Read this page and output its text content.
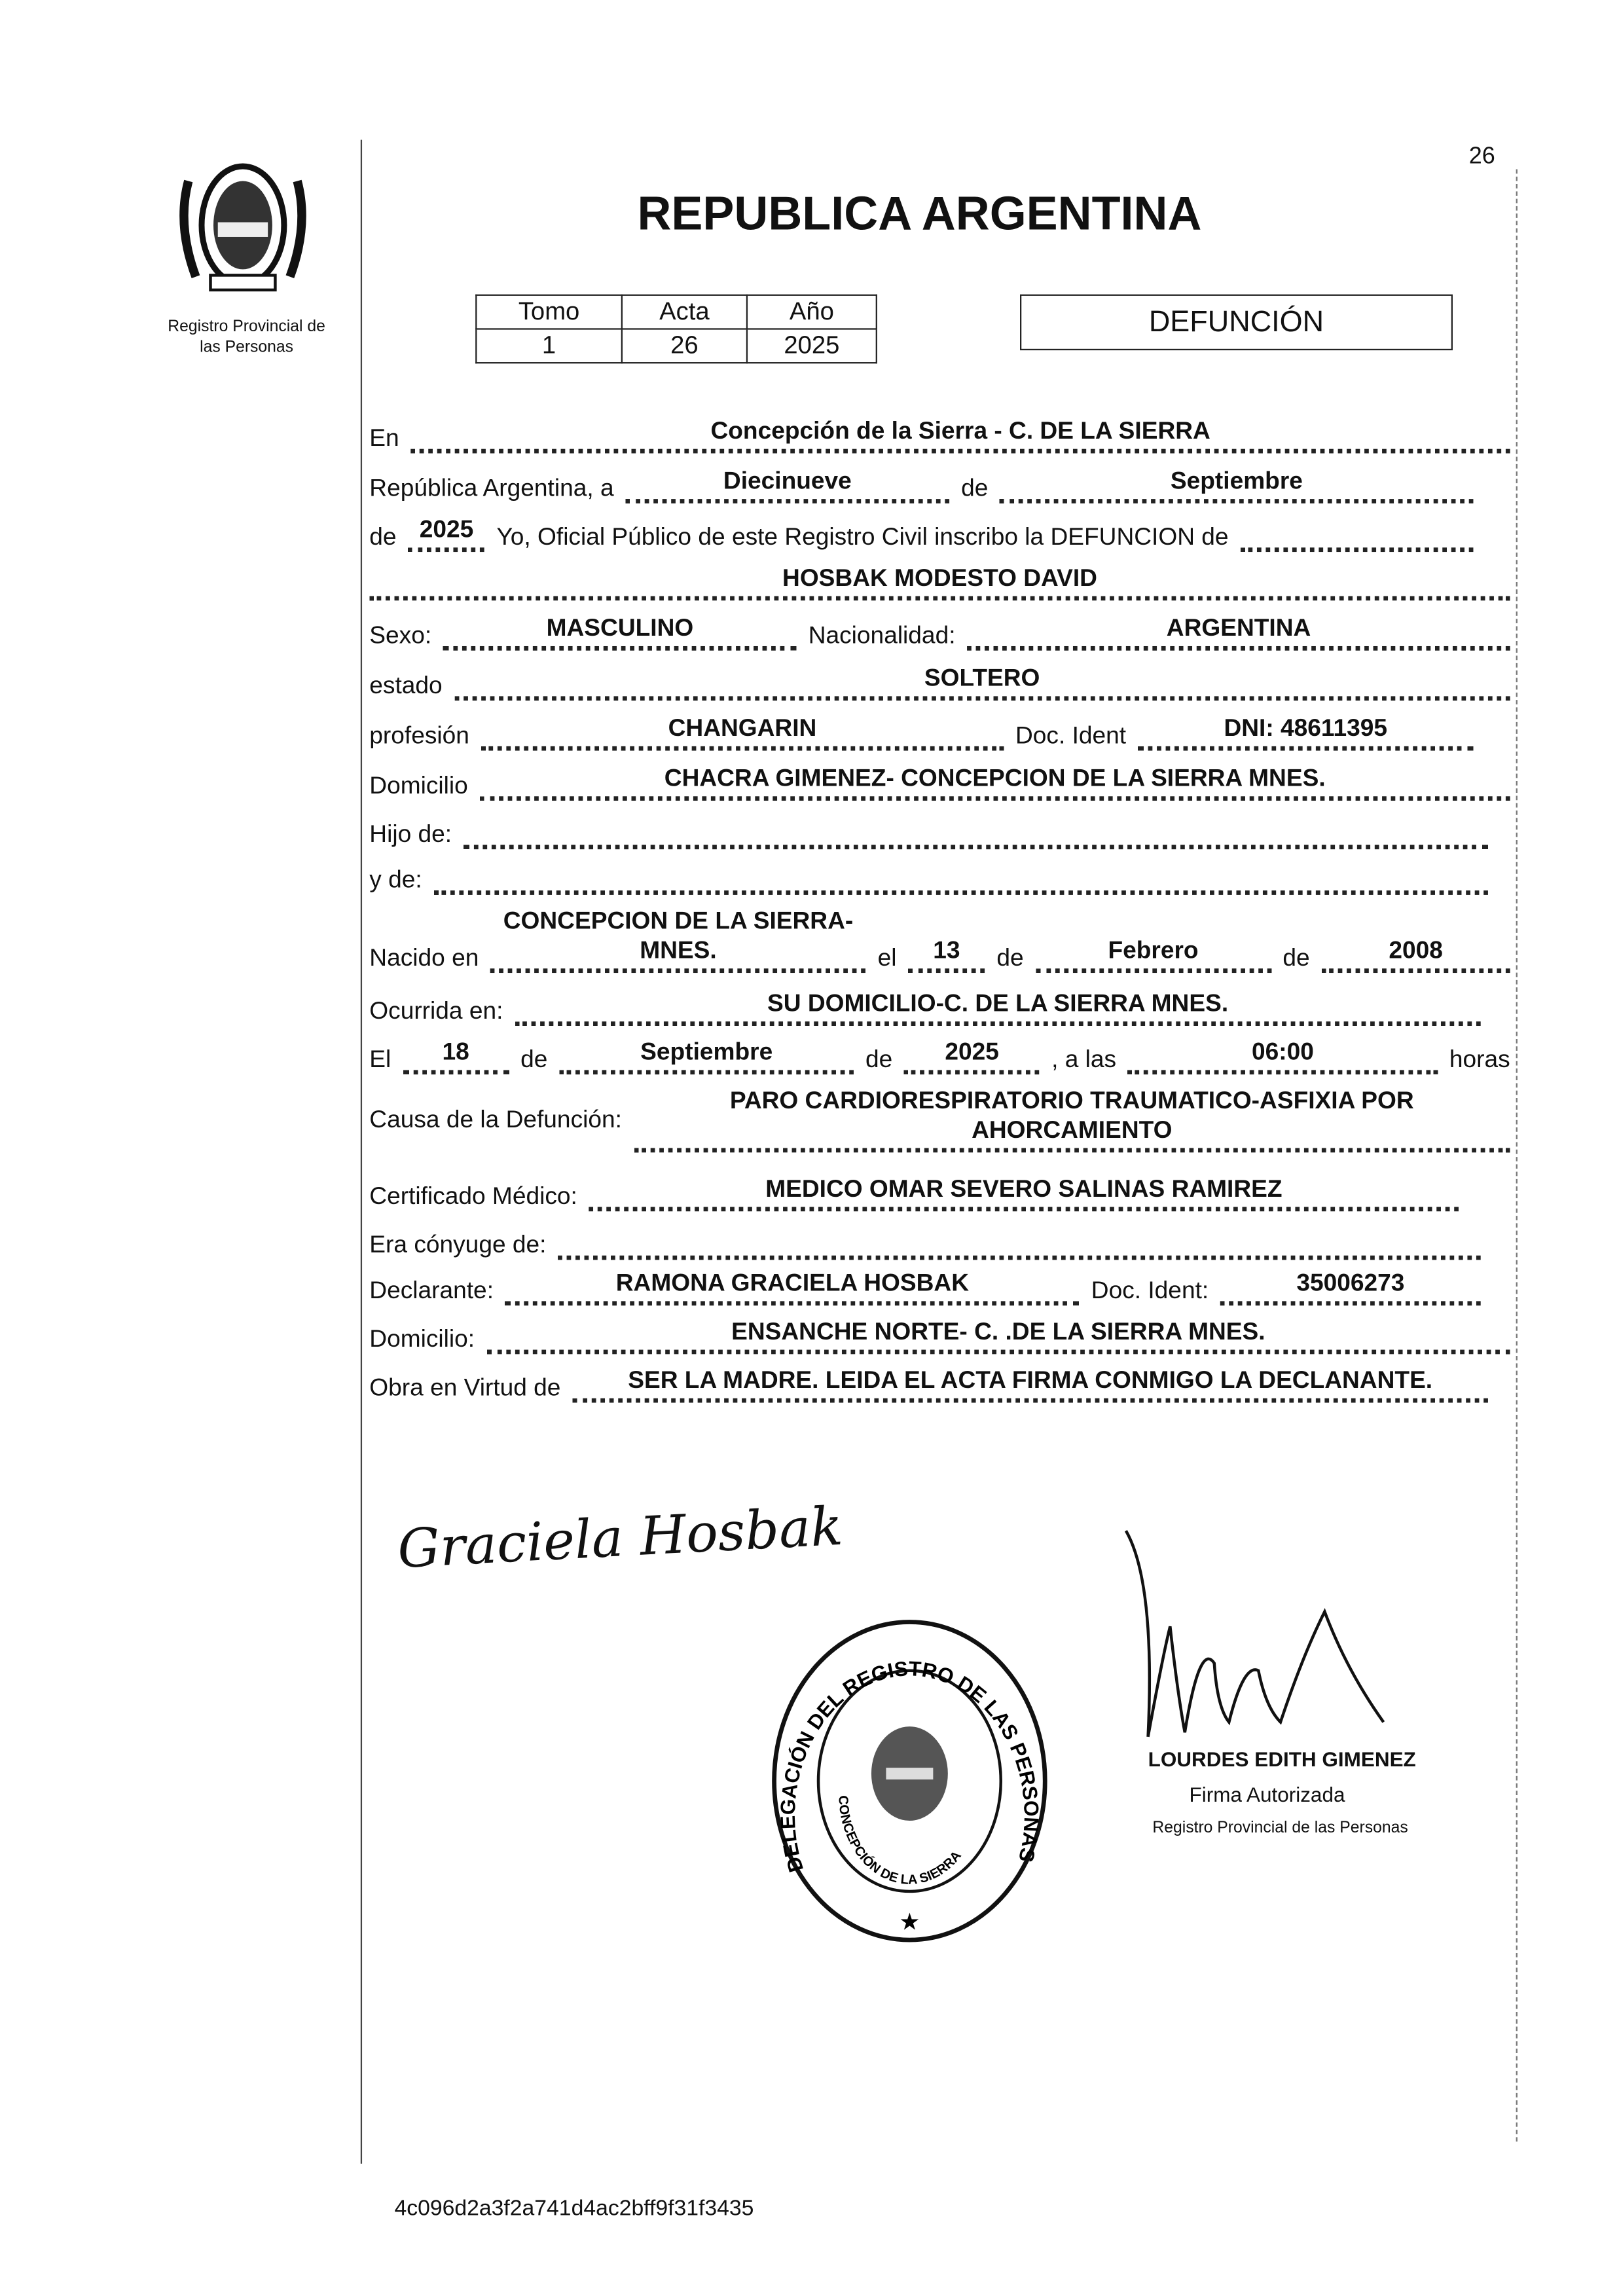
Registro Provincial de
las Personas
26
REPUBLICA ARGENTINA
Tomo	Acta	Año
1	26	2025
DEFUNCIÓN
En	Concepción de la Sierra - C. DE LA SIERRA
República Argentina, a	Diecinueve	de	Septiembre
de	2025	Yo, Oficial Público de este Registro Civil inscribo la DEFUNCION de
HOSBAK MODESTO DAVID
Sexo:	MASCULINO	Nacionalidad:	ARGENTINA
estado	SOLTERO
profesión	CHANGARIN	Doc. Ident	DNI: 48611395
Domicilio	CHACRA GIMENEZ- CONCEPCION DE LA SIERRA MNES.
Hijo de:
y de:
Nacido en
CONCEPCION DE LA SIERRA-
MNES.	el	13	de	Febrero	de	2008
Ocurrida en:	SU DOMICILIO-C. DE LA SIERRA MNES.
El	18	de	Septiembre	de	2025	, a las	06:00	horas
Causa de la Defunción:
PARO CARDIORESPIRATORIO TRAUMATICO-ASFIXIA POR
AHORCAMIENTO
Certificado Médico:	MEDICO OMAR SEVERO SALINAS RAMIREZ
Era cónyuge de:
Declarante:	RAMONA GRACIELA HOSBAK	Doc. Ident:	35006273
Domicilio:	ENSANCHE NORTE- C. .DE LA SIERRA MNES.
Obra en Virtud de	SER LA MADRE. LEIDA EL ACTA FIRMA CONMIGO LA DECLANANTE.
Graciela Hosbak
DELEGACIÓN DEL REGISTRO DE LAS PERSONAS
CONCEPCIÓN DE LA SIERRA
★
LOURDES EDITH GIMENEZ
Firma Autorizada
Registro Provincial de las Personas
4c096d2a3f2a741d4ac2bff9f31f3435
